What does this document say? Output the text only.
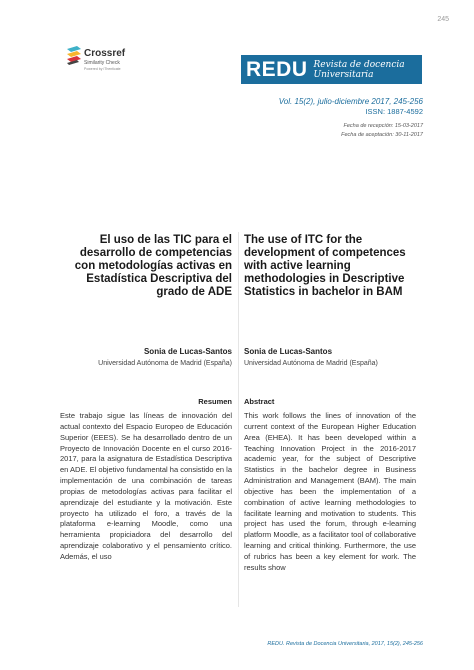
245
Crossref
Similarity Check
Powered by iThenticate	REDU Revista de docencia
Universitaria
Vol. 15(2), julio-diciembre 2017, 245-256
ISSN: 1887-4592
Fecha de recepción: 15-03-2017
Fecha de aceptación: 30-11-2017
El uso de las TIC para el desarrollo de competencias con metodologías activas en Estadística Descriptiva del grado de ADE
The use of ITC for the development of competences with active learning methodologies in Descriptive Statistics in bachelor in BAM
Sonia de Lucas-Santos
Universidad Autónoma de Madrid (España)
Sonia de Lucas-Santos
Universidad Autónoma de Madrid (España)
Resumen Abstract
Este trabajo sigue las líneas de innovación del actual contexto del Espacio Europeo de Educación Superior (EEES). Se ha desarrollado dentro de un Proyecto de Innovación Docente en el curso 2016-2017, para la asignatura de Estadística Descriptiva en ADE. El objetivo fundamental ha consistido en la implementación de una combinación de tareas propias de metodologías activas para facilitar el aprendizaje del estudiante y la motivación. Este proyecto ha utilizado el foro, a través de la plataforma e-learning Moodle, como una herramienta propiciadora del desarrollo del aprendizaje colaborativo y el pensamiento crítico. Además, el uso
This work follows the lines of innovation of the current context of the European Higher Education Area (EHEA). It has been developed within a Teaching Innovation Project in the 2016-2017 academic year, for the subject of Descriptive Statistics in the bachelor degree in Business Administration and Management (BAM). The main objective has been the implementation of a combination of active learning methodologies to facilitate learning and motivation to students. This project has used the forum, through e-learning platform Moodle, as a facilitator tool of collaborative learning and critical thinking. Furthermore, the use of rubrics has been a key element for work. The results show
REDU. Revista de Docencia Universitaria, 2017, 15(2), 245-256
